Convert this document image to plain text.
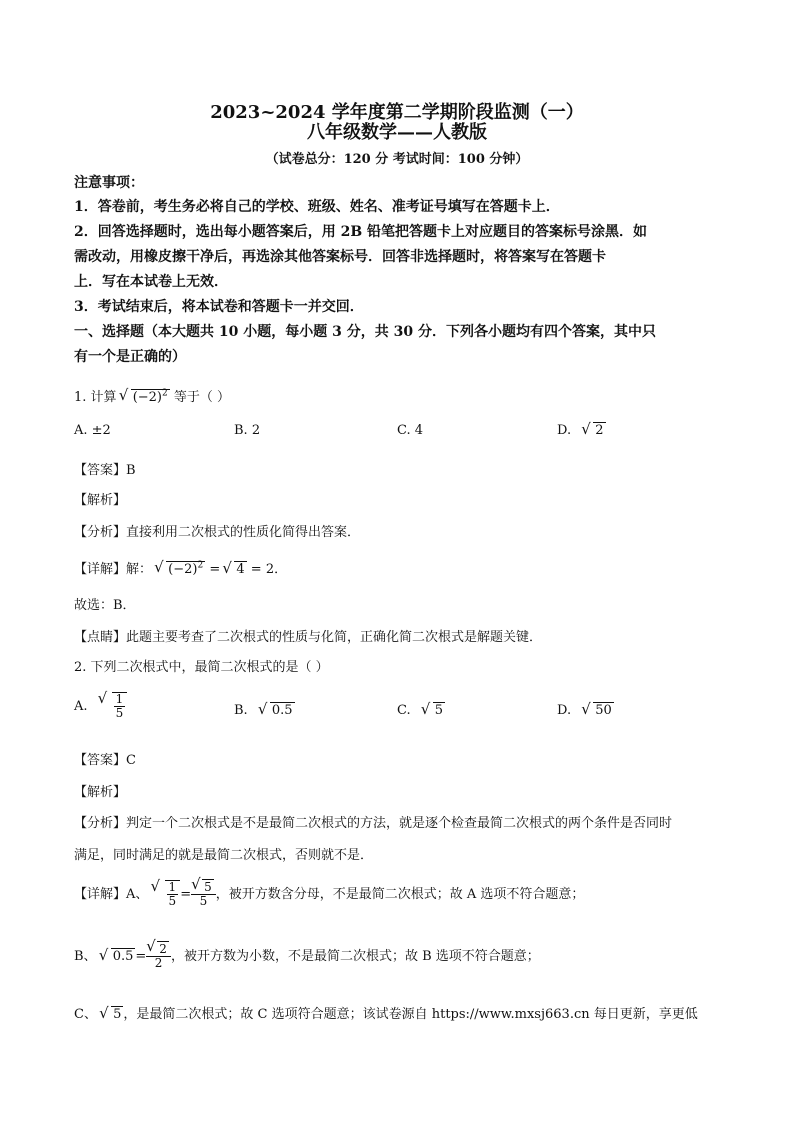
2023~2024 学年度第二学期阶段监测（一）
八年级数学——人教版
（试卷总分：120 分 考试时间：100 分钟）
注意事项：
1．答卷前，考生务必将自己的学校、班级、姓名、准考证号填写在答题卡上．
2．回答选择题时，选出每小题答案后，用 2B 铅笔把答题卡上对应题目的答案标号涂黑．如
需改动，用橡皮擦干净后，再选涂其他答案标号．回答非选择题时，将答案写在答题卡
上．写在本试卷上无效．
3．考试结束后，将本试卷和答题卡一并交回．
一、选择题（本大题共 10 小题，每小题 3 分，共 30 分．下列各小题均有四个答案，其中只
有一个是正确的）
1. 计算 √ $(-2)^2$ 等于（ ）
A. ±2	B. 2	C. 4	D. √ 2
【答案】B
【解析】
【分析】直接利用二次根式的性质化简得出答案．
【详解】解： √ $(-2)^2$ = √ 4 = 2．
故选：B．
【点睛】此题主要考查了二次根式的性质与化简，正确化简二次根式是解题关键．
2. 下列二次根式中，最简二次根式的是（ ）
A. √ $\frac{1}{5}$	B. √ 0.5	C. √ 5	D. √ 50
【答案】C
【解析】
【分析】判定一个二次根式是不是最简二次根式的方法，就是逐个检查最简二次根式的两个条件是否同时
满足，同时满足的就是最简二次根式，否则就不是．
【详解】A、 √ $\frac{1}{5}$ = √ $\frac{5}{5}$ ，被开方数含分母，不是最简二次根式；故 A 选项不符合题意；
B、 √ 0.5 = √ $\frac{2}{2}$ ，被开方数为小数，不是最简二次根式；故 B 选项不符合题意；
C、 √ 5 ，是最简二次根式；故 C 选项符合题意；该试卷源自 https://www.mxsj663.cn 每日更新，享更低
